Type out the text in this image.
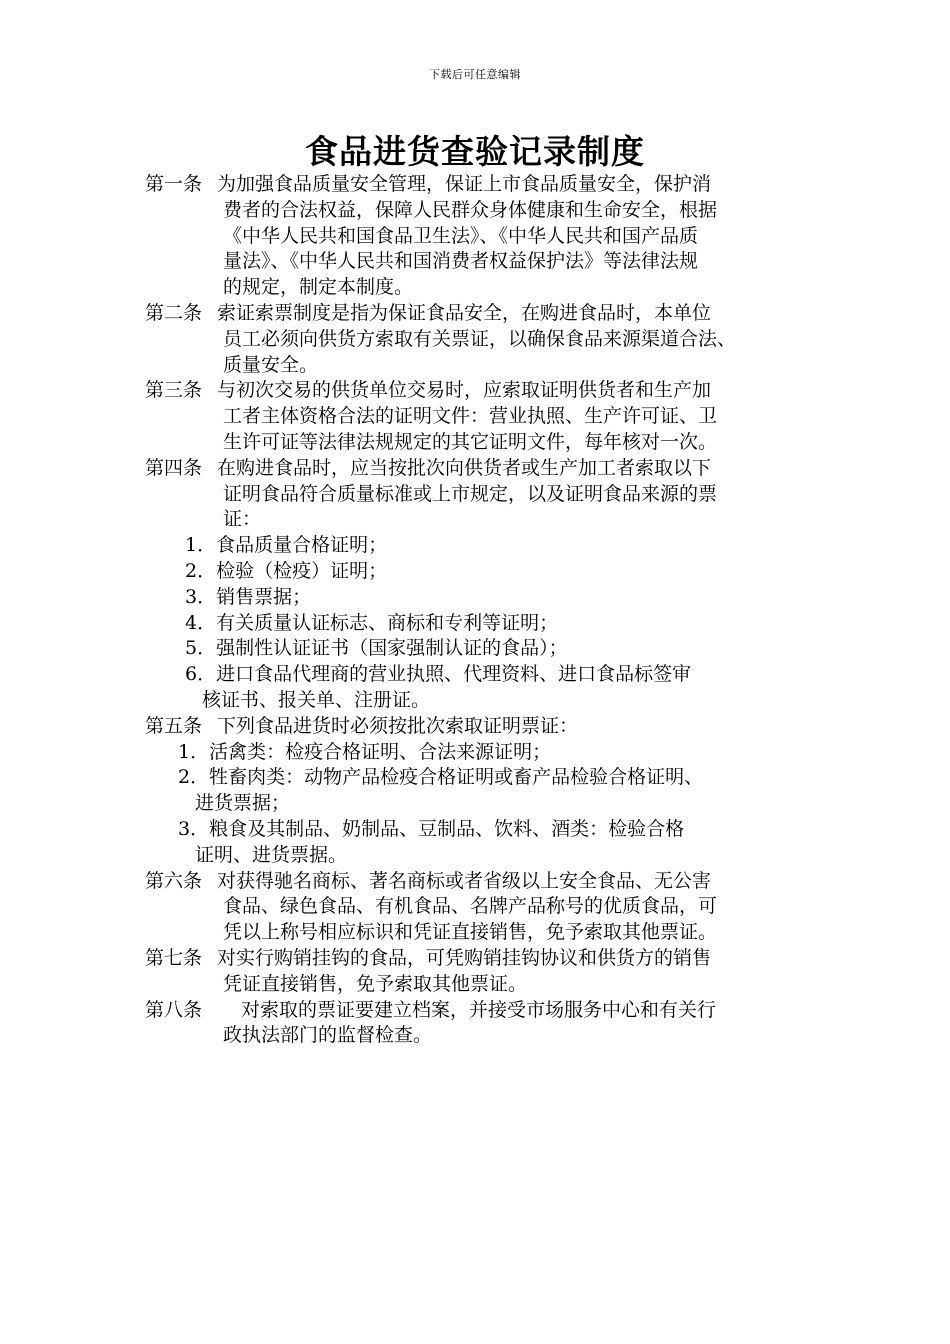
下载后可任意编辑
食品进货查验记录制度
第一条 为加强食品质量安全管理，保证上市食品质量安全，保护消
费者的合法权益，保障人民群众身体健康和生命安全，根据
《中华人民共和国食品卫生法》、《中华人民共和国产品质
量法》、《中华人民共和国消费者权益保护法》等法律法规
的规定，制定本制度。
第二条 索证索票制度是指为保证食品安全，在购进食品时，本单位
员工必须向供货方索取有关票证，以确保食品来源渠道合法、
质量安全。
第三条 与初次交易的供货单位交易时，应索取证明供货者和生产加
工者主体资格合法的证明文件：营业执照、生产许可证、卫
生许可证等法律法规规定的其它证明文件，每年核对一次。
第四条 在购进食品时，应当按批次向供货者或生产加工者索取以下
证明食品符合质量标准或上市规定，以及证明食品来源的票
证：
1．食品质量合格证明；
2．检验（检疫）证明；
3．销售票据；
4．有关质量认证标志、商标和专利等证明；
5．强制性认证证书（国家强制认证的食品）；
6．进口食品代理商的营业执照、代理资料、进口食品标签审
核证书、报关单、注册证。
第五条 下列食品进货时必须按批次索取证明票证：
1．活禽类：检疫合格证明、合法来源证明；
2．牲畜肉类：动物产品检疫合格证明或畜产品检验合格证明、
进货票据；
3．粮食及其制品、奶制品、豆制品、饮料、酒类：检验合格
证明、进货票据。
第六条 对获得驰名商标、著名商标或者省级以上安全食品、无公害
食品、绿色食品、有机食品、名牌产品称号的优质食品，可
凭以上称号相应标识和凭证直接销售，免予索取其他票证。
第七条 对实行购销挂钩的食品，可凭购销挂钩协议和供货方的销售
凭证直接销售，免予索取其他票证。
第八条 对索取的票证要建立档案，并接受市场服务中心和有关行
政执法部门的监督检查。
